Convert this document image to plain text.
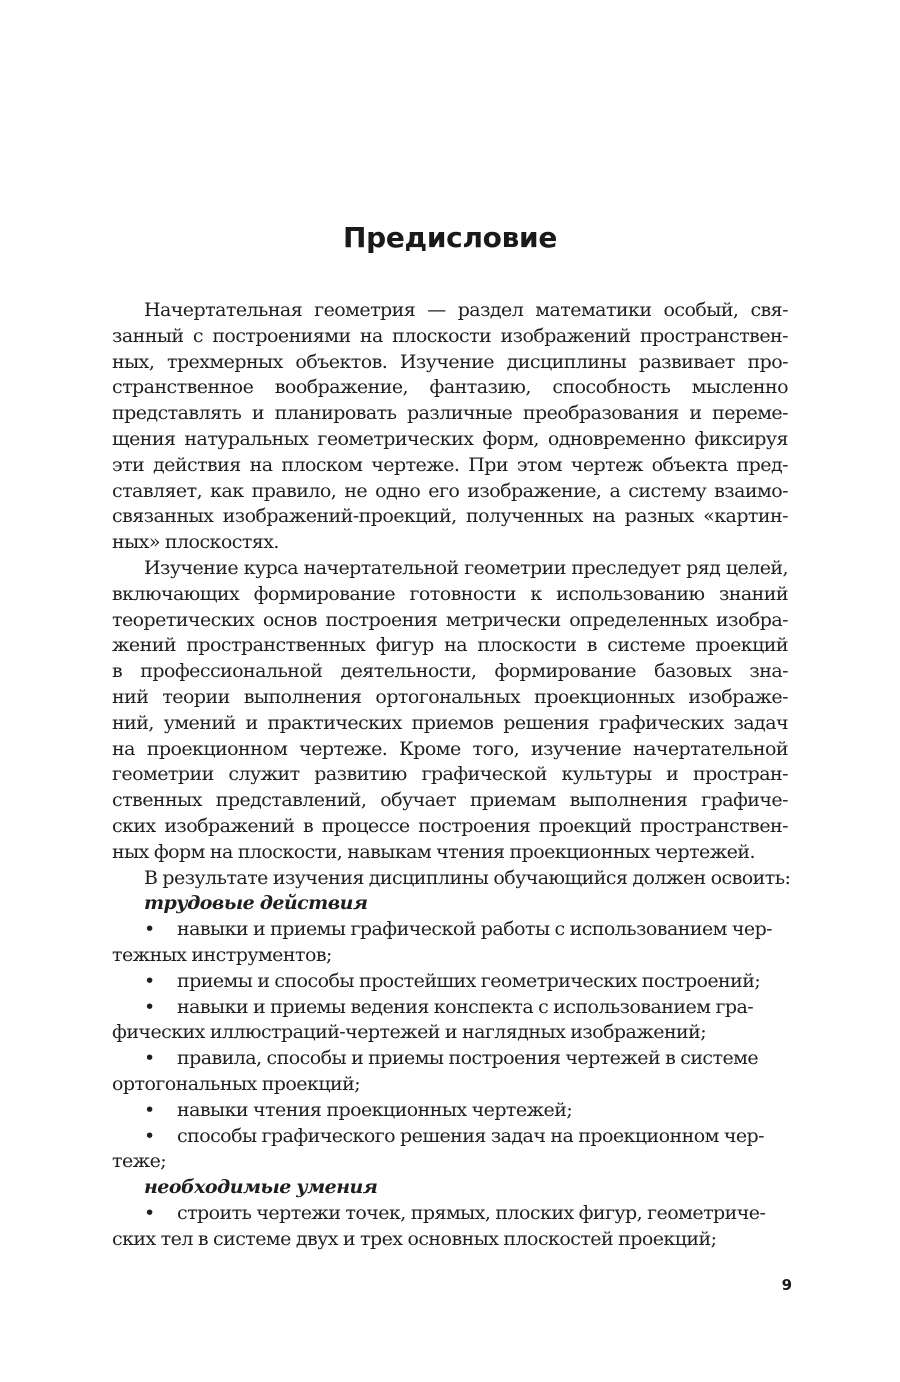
Предисловие
Начертательная геометрия — раздел математики особый, свя-
занный с построениями на плоскости изображений пространствен-
ных, трехмерных объектов. Изучение дисциплины развивает про-
странственное воображение, фантазию, способность мысленно
представлять и планировать различные преобразования и переме-
щения натуральных геометрических форм, одновременно фиксируя
эти действия на плоском чертеже. При этом чертеж объекта пред-
ставляет, как правило, не одно его изображение, а систему взаимо-
связанных изображений-проекций, полученных на разных «картин-
ных» плоскостях.
Изучение курса начертательной геометрии преследует ряд целей,
включающих формирование готовности к использованию знаний
теоретических основ построения метрически определенных изобра-
жений пространственных фигур на плоскости в системе проекций
в профессиональной деятельности, формирование базовых зна-
ний теории выполнения ортогональных проекционных изображе-
ний, умений и практических приемов решения графических задач
на проекционном чертеже. Кроме того, изучение начертательной
геометрии служит развитию графической культуры и простран-
ственных представлений, обучает приемам выполнения графиче-
ских изображений в процессе построения проекций пространствен-
ных форм на плоскости, навыкам чтения проекционных чертежей.
В результате изучения дисциплины обучающийся должен освоить:
трудовые действия
• навыки и приемы графической работы с использованием чер-
тежных инструментов;
• приемы и способы простейших геометрических построений;
• навыки и приемы ведения конспекта с использованием гра-
фических иллюстраций-чертежей и наглядных изображений;
• правила, способы и приемы построения чертежей в системе
ортогональных проекций;
• навыки чтения проекционных чертежей;
• способы графического решения задач на проекционном чер-
теже;
необходимые умения
• строить чертежи точек, прямых, плоских фигур, геометриче-
ских тел в системе двух и трех основных плоскостей проекций;
9
